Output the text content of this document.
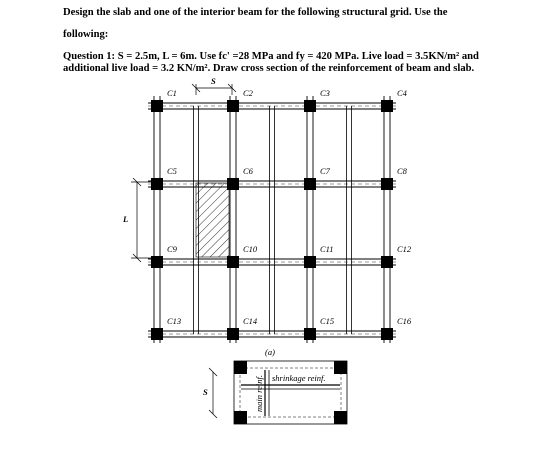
Design the slab and one of the interior beam for the following structural grid. Use the
following:
Question 1: S = 2.5m, L = 6m. Use fc' =28 MPa and fy = 420 MPa. Live load = 3.5KN/m² and
additional live load = 3.2 KN/m². Draw cross section of the reinforcement of beam and slab.
S
L
C1	C2	C3	C4
C5	C6	C7	C8
C9	C10	C11	C12
C13	C14	C15	C16
(a)
S
shrinkage reinf.
main reinf.
